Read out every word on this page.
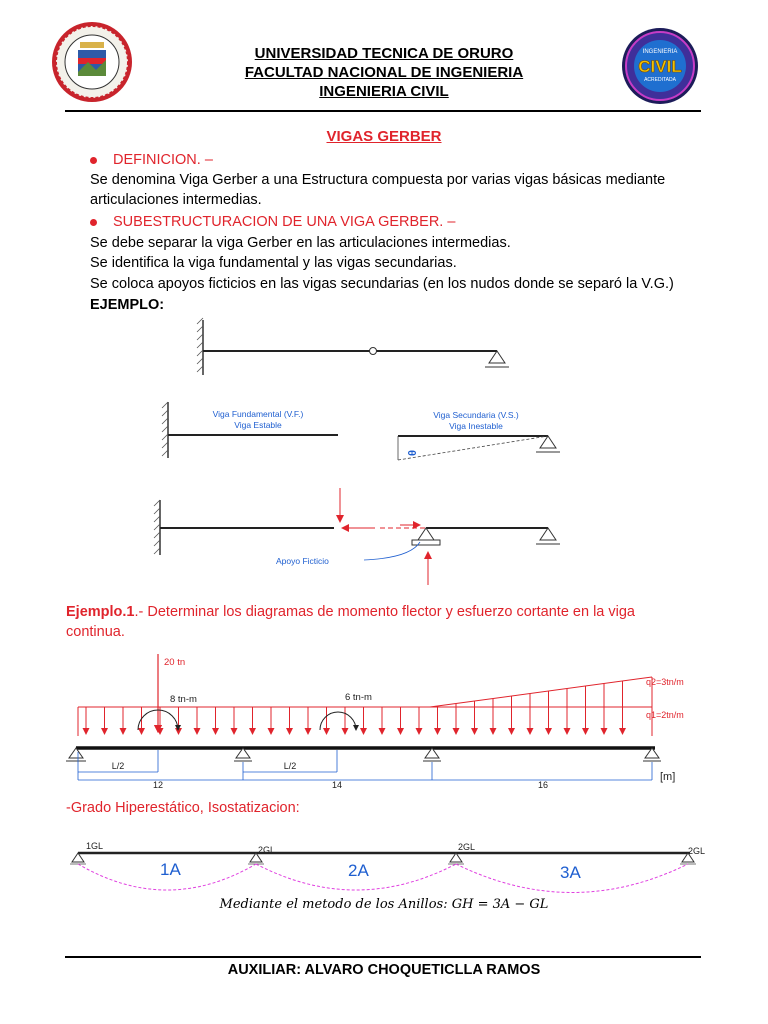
INGENIERIA
CIVIL
ACREDITADA
UNIVERSIDAD TECNICA DE ORURO
FACULTAD NACIONAL DE INGENIERIA
INGENIERIA CIVIL
VIGAS GERBER
DEFINICION. –
Se denomina Viga Gerber a una Estructura compuesta por varias vigas básicas mediante
articulaciones intermedias.
SUBESTRUCTURACION DE UNA VIGA GERBER. –
Se debe separar la viga Gerber en las articulaciones intermedias.
Se identifica la viga fundamental y las vigas secundarias.
Se coloca apoyos ficticios en las vigas secundarias (en los nudos donde se separó la V.G.)
EJEMPLO:
Viga Fundamental (V.F.)
Viga Estable
θ
Viga Secundaria (V.S.)
Viga Inestable
Apoyo Ficticio
Ejemplo.1.- Determinar los diagramas de momento flector y esfuerzo cortante en la viga
continua.
20 tn
8 tn-m	6 tn-m
q2=3tn/m
q1=2tn/m
L/2	L/2
12	14	16
[m]
-Grado Hiperestático, Isostatizacion:
1GL	2GL	2GL	2GL
1A	2A	3A
Mediante el metodo de los Anillos: GH = 3A − GL
AUXILIAR: ALVARO CHOQUETICLLA RAMOS
